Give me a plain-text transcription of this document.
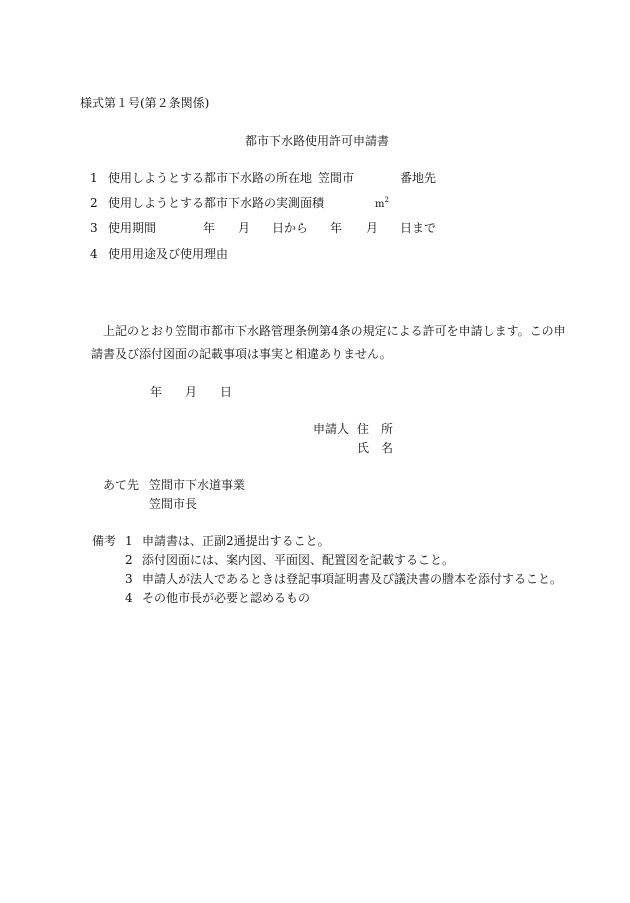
様式第１号(第２条関係)
都市下水路使用許可申請書
1 使用しようとする都市下水路の所在地 笠間市	番地先
2 使用しようとする都市下水路の実測面積	$m^2$
3 使用期間	年 月 日から 年 月 日まで
4 使用用途及び使用理由
上記のとおり笠間市都市下水路管理条例第4条の規定による許可を申請します。この申
請書及び添付図面の記載事項は事実と相違ありません。
年 月 日
申請人 住　所
氏　名
あて先 笠間市下水道事業
笠間市長
備考 1 申請書は、正副2通提出すること。
2 添付図面には、案内図、平面図、配置図を記載すること。
3 申請人が法人であるときは登記事項証明書及び議決書の謄本を添付すること。
4 その他市長が必要と認めるもの
